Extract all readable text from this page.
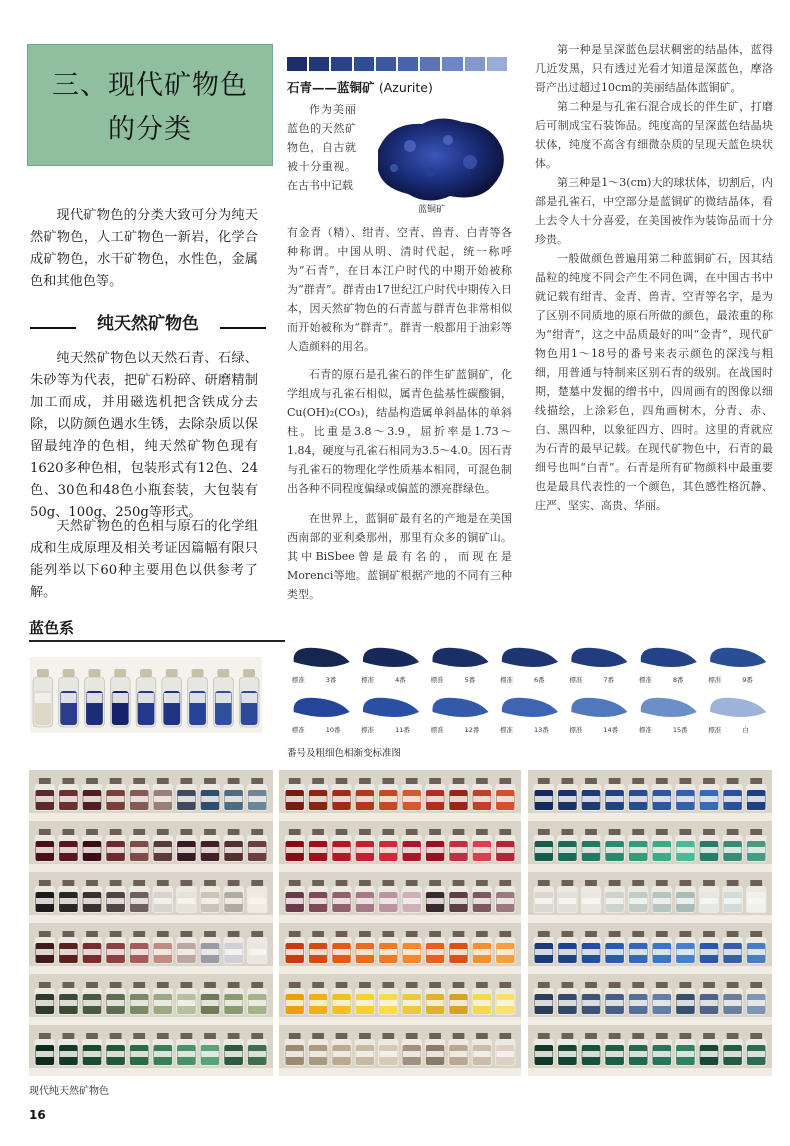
三、现代矿物色
的分类

现代矿物色的分类大致可分为纯天然矿物色，人工矿物色一新岩，化学合成矿物色，水干矿物色，水性色，金属色和其他色等。

纯天然矿物色

纯天然矿物色以天然石青、石绿、朱砂等为代表，把矿石粉碎、研磨精制加工而成，并用磁选机把含铁成分去除，以防颜色遇水生锈，去除杂质以保留最纯净的色相，纯天然矿物色现有1620多种色相，包装形式有12色、24色、30色和48色小瓶套装，大包装有50g、100g、250g等形式。

天然矿物色的色相与原石的化学组成和生成原理及相关考证因篇幅有限只能列举以下60种主要用色以供参考了解。

石青——蓝铜矿 (Azurite)

作为美丽蓝色的天然矿物色，自古就被十分重视。在古书中记载

蓝铜矿

有金青（精）、绀青、空青、兽青、白青等各种称谓。中国从明、清时代起，统一称呼为“石青”，在日本江户时代的中期开始被称为“群青”。群青由17世纪江户时代中期传入日本，因天然矿物色的石青蓝与群青色非常相似而开始被称为“群青”。群青一般都用于油彩等人造颜料的用名。

石青的原石是孔雀石的伴生矿蓝铜矿，化学组成与孔雀石相似，属青色盐基性碳酸铜，Cu(OH)₂(CO₃)，结晶构造属单斜晶体的单斜柱。比重是3.8～3.9，屈折率是1.73～1.84，硬度与孔雀石相同为3.5～4.0。因石青与孔雀石的物理化学性质基本相同，可混色制出各种不同程度偏绿或偏蓝的漂亮群绿色。

在世界上，蓝铜矿最有名的产地是在美国西南部的亚利桑那州，那里有众多的铜矿山。其中BiSbee曾是最有名的，而现在是Morenci等地。蓝铜矿根据产地的不同有三种类型。

第一种是呈深蓝色层状稠密的结晶体，蓝得几近发黑，只有透过光看才知道是深蓝色，摩洛哥产出过超过10cm的美丽结晶体蓝铜矿。

第二种是与孔雀石混合成长的伴生矿，打磨后可制成宝石装饰品。纯度高的呈深蓝色结晶块状体，纯度不高含有细微杂质的呈现天蓝色块状体。

第三种是1～3(cm)大的球状体，切割后，内部是孔雀石，中空部分是蓝铜矿的微结晶体，看上去令人十分喜爱，在美国被作为装饰品而十分珍贵。

一般做颜色普遍用第二种蓝铜矿石，因其结晶粒的纯度不同会产生不同色调，在中国古书中就记载有绀青、金青、兽青、空青等名字，是为了区别不同质地的原石所做的颜色，最浓重的称为“绀青”，这之中品质最好的叫“金青”，现代矿物色用1～18号的番号来表示颜色的深浅与粗细，用普通与特制来区别石青的级别。在战国时期，楚墓中发掘的缯书中，四周画有的图像以细线描绘，上涂彩色，四角画树木，分青、赤、白、黑四种，以象征四方、四时。这里的青就应为石青的最早记载。在现代矿物色中，石青的最细号也叫“白青”。石青是所有矿物颜料中最重要也是最具代表性的一个颜色，其色感性格沉静、庄严、坚实、高贵、华丽。

蓝色系
標准	3番	標准	4番	標准	5番	標准	6番	標准	7番	標准	8番	標准	9番
標准	10番	標准	11番	標准	12番	標准	13番	標准	14番	標准	15番	標准	白
番号及粗细色相渐变标准图
现代纯天然矿物色
16
